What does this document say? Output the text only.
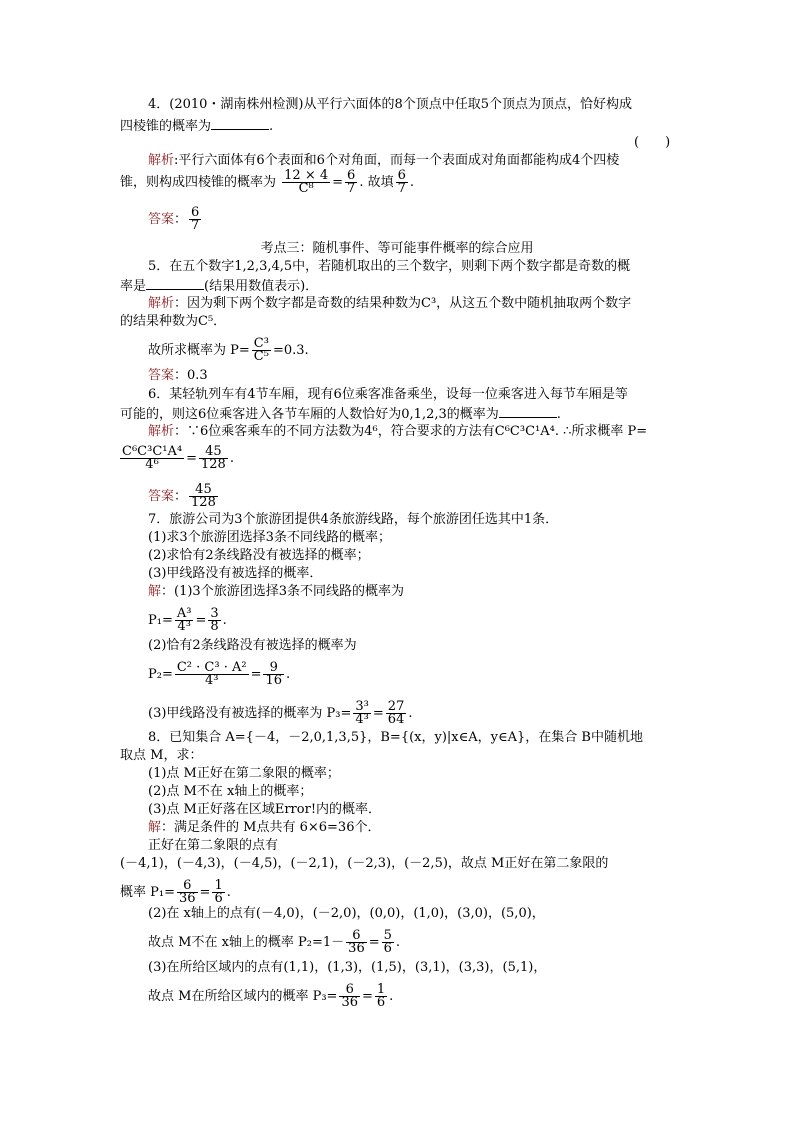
4．(2010・湖南株州检测)从平行六面体的8个顶点中任取5个顶点为顶点，恰好构成
四棱锥的概率为	.
(　　)
解析:平行六面体有6个表面和6个对角面，而每一个表面成对角面都能构成4个四棱
锥，则构成四棱锥的概率为 $\frac{12 \times 4}{\text{C⁸}} = \frac{6}{7}$ . 故填 $\frac{6}{7}$ .
答案： $\frac{6}{7}$
考点三：随机事件、等可能事件概率的综合应用
5．在五个数字1,2,3,4,5中，若随机取出的三个数字，则剩下两个数字都是奇数的概
率是	(结果用数值表示)．
解析：因为剩下两个数字都是奇数的结果种数为C³，从这五个数中随机抽取两个数字
的结果种数为C⁵．
故所求概率为 $P= \frac{\text{C³}}{\text{C⁵}} =0.3$.
答案：0.3
6．某轻轨列车有4节车厢，现有6位乘客准备乘坐，设每一位乘客进入每节车厢是等
可能的，则这6位乘客进入各节车厢的人数恰好为0,1,2,3的概率为	.
解析：∵6位乘客乘车的不同方法数为4⁶，符合要求的方法有C⁶C³C¹A⁴. ∴所求概率 P=
$\frac{\text{C⁶C³C¹A⁴}}{\text{4⁶}} = \frac{45}{128}$ .
答案： $\frac{45}{128}$
7．旅游公司为3个旅游团提供4条旅游线路，每个旅游团任选其中1条．
(1)求3个旅游团选择3条不同线路的概率；
(2)求恰有2条线路没有被选择的概率；
(3)甲线路没有被选择的概率．
解：(1)3个旅游团选择3条不同线路的概率为
$P_1= \frac{\text{A³}}{\text{4³}} = \frac{3}{8}$ .
(2)恰有2条线路没有被选择的概率为
$P_2= \frac{\text{C² · C³ · A²}}{\text{4³}} = \frac{9}{16}$ .
(3)甲线路没有被选择的概率为 $P_3= \frac{\text{3³}}{\text{4³}} = \frac{27}{64}$ .
8．已知集合 A={－4，－2,0,1,3,5}，B={(x，y)|x∈A，y∈A}，在集合 B中随机地
取点 M，求：
(1)点 M正好在第二象限的概率；
(2)点 M不在 x轴上的概率；
(3)点 M正好落在区域Error!内的概率．
解：满足条件的 M点共有 6×6=36个．
正好在第二象限的点有
(－4,1)，(－4,3)，(－4,5)，(－2,1)，(－2,3)，(－2,5)，故点 M正好在第二象限的
概率 $P_1= \frac{6}{36} = \frac{1}{6}$ .
(2)在 x轴上的点有(－4,0)，(－2,0)，(0,0)，(1,0)，(3,0)，(5,0)，
故点 M不在 x轴上的概率 $P_2=1- \frac{6}{36} = \frac{5}{6}$ .
(3)在所给区域内的点有(1,1)，(1,3)，(1,5)，(3,1)，(3,3)，(5,1)，
故点 M在所给区域内的概率 $P_3= \frac{6}{36} = \frac{1}{6}$ .
